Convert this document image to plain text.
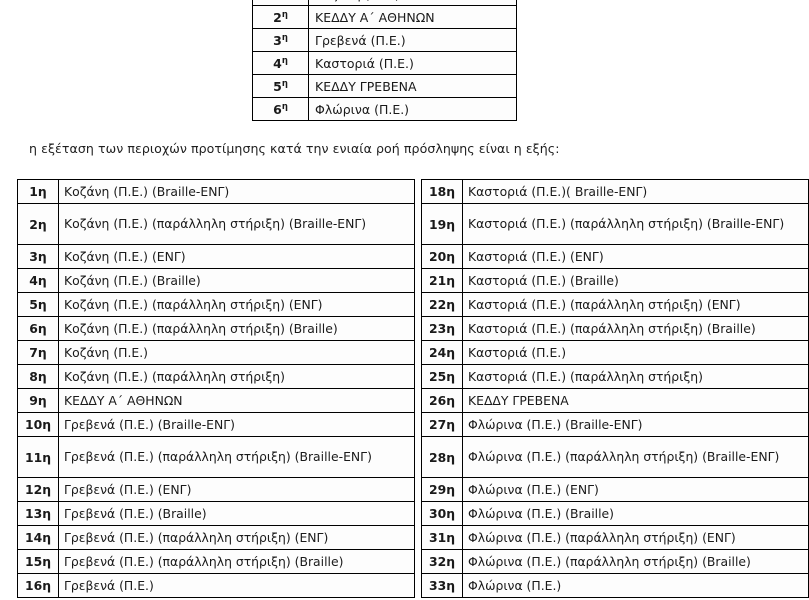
$2^\eta$	ΚΕΔΔΥ Α΄ ΑΘΗΝΩΝ
$3^\eta$	Γρεβενά (Π.Ε.)
$4^\eta$	Καστοριά (Π.Ε.)
$5^\eta$	ΚΕΔΔΥ ΓΡΕΒΕΝΑ
$6^\eta$	Φλώρινα (Π.Ε.)
η εξέταση των περιοχών προτίμησης κατά την ενιαία ροή πρόσληψης είναι η εξής:
1η	Κοζάνη (Π.Ε.) (Braille-ΕΝΓ)		18η	Καστοριά (Π.Ε.)( Braille-ΕΝΓ)
2η	Κοζάνη (Π.Ε.) (παράλληλη στήριξη) (Braille-ΕΝΓ)		19η	Καστοριά (Π.Ε.) (παράλληλη στήριξη) (Braille-ΕΝΓ)
3η	Κοζάνη (Π.Ε.) (ΕΝΓ)		20η	Καστοριά (Π.Ε.) (ΕΝΓ)
4η	Κοζάνη (Π.Ε.) (Braille)		21η	Καστοριά (Π.Ε.) (Braille)
5η	Κοζάνη (Π.Ε.) (παράλληλη στήριξη) (ΕΝΓ)		22η	Καστοριά (Π.Ε.) (παράλληλη στήριξη) (ΕΝΓ)
6η	Κοζάνη (Π.Ε.) (παράλληλη στήριξη) (Braille)		23η	Καστοριά (Π.Ε.) (παράλληλη στήριξη) (Braille)
7η	Κοζάνη (Π.Ε.)		24η	Καστοριά (Π.Ε.)
8η	Κοζάνη (Π.Ε.) (παράλληλη στήριξη)		25η	Καστοριά (Π.Ε.) (παράλληλη στήριξη)
9η	ΚΕΔΔΥ Α΄ ΑΘΗΝΩΝ		26η	ΚΕΔΔΥ ΓΡΕΒΕΝΑ
10η	Γρεβενά (Π.Ε.) (Braille-ΕΝΓ)		27η	Φλώρινα (Π.Ε.) (Braille-ΕΝΓ)
11η	Γρεβενά (Π.Ε.) (παράλληλη στήριξη) (Braille-ΕΝΓ)		28η	Φλώρινα (Π.Ε.) (παράλληλη στήριξη) (Braille-ΕΝΓ)
12η	Γρεβενά (Π.Ε.) (ΕΝΓ)		29η	Φλώρινα (Π.Ε.) (ΕΝΓ)
13η	Γρεβενά (Π.Ε.) (Braille)		30η	Φλώρινα (Π.Ε.) (Braille)
14η	Γρεβενά (Π.Ε.) (παράλληλη στήριξη) (ΕΝΓ)		31η	Φλώρινα (Π.Ε.) (παράλληλη στήριξη) (ΕΝΓ)
15η	Γρεβενά (Π.Ε.) (παράλληλη στήριξη) (Braille)		32η	Φλώρινα (Π.Ε.) (παράλληλη στήριξη) (Braille)
16η	Γρεβενά (Π.Ε.)		33η	Φλώρινα (Π.Ε.)
